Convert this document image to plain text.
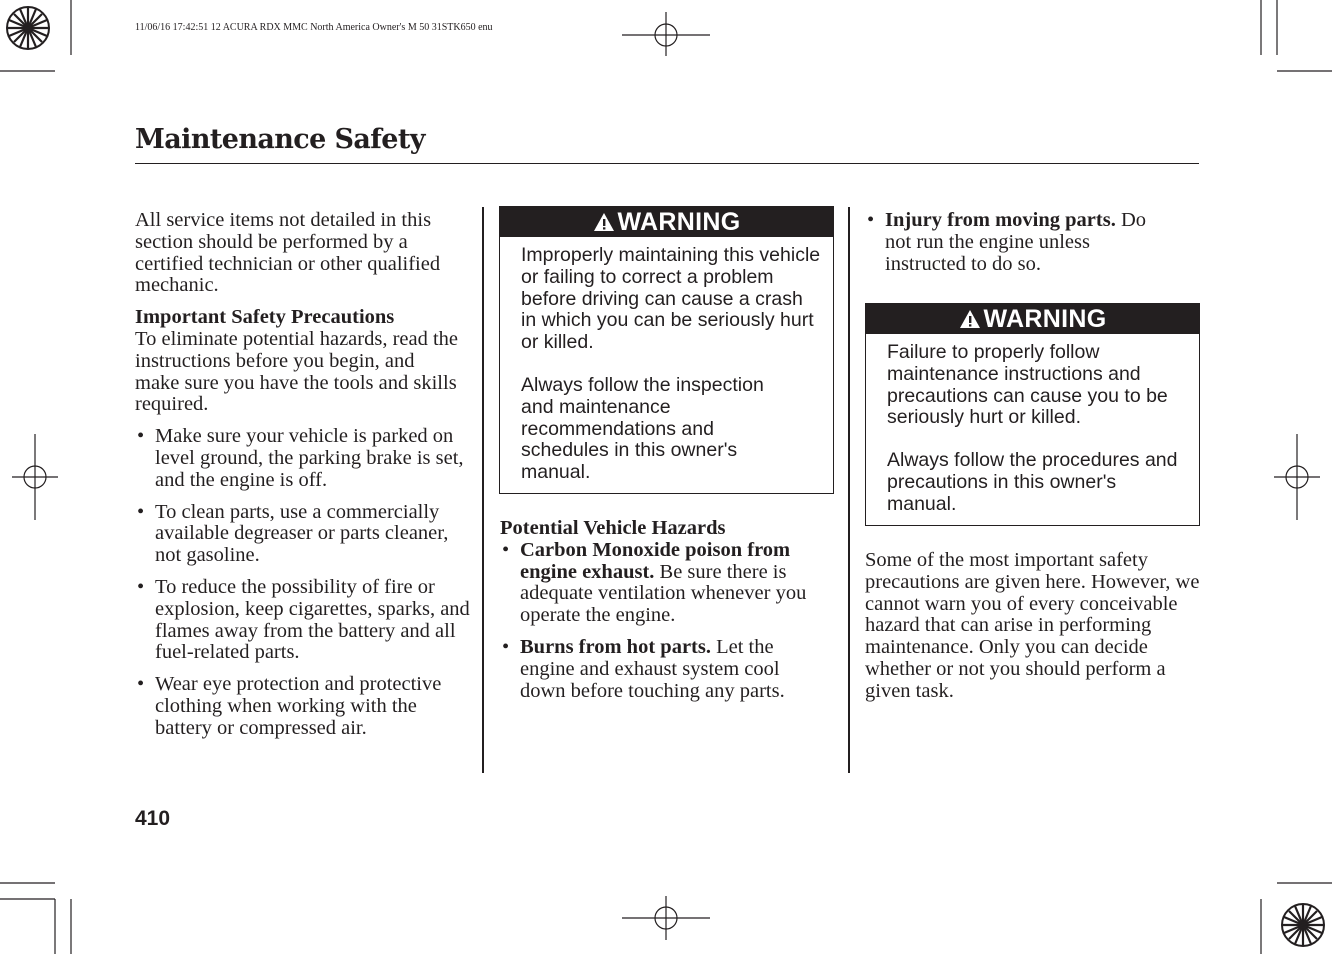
11/06/16 17:42:51 12 ACURA RDX MMC North America Owner's M 50 31STK650 enu
Maintenance Safety

All service items not detailed in this section should be performed by a certified technician or other qualified mechanic.

Important Safety Precautions

To eliminate potential hazards, read the instructions before you begin, and make sure you have the tools and skills required.

• Make sure your vehicle is parked on level ground, the parking brake is set, and the engine is off.
• To clean parts, use a commercially available degreaser or parts cleaner, not gasoline.
• To reduce the possibility of fire or explosion, keep cigarettes, sparks, and flames away from the battery and all fuel-related parts.
• Wear eye protection and protective clothing when working with the battery or compressed air.
WARNING

Improperly maintaining this vehicle or failing to correct a problem before driving can cause a crash in which you can be seriously hurt or killed.

Always follow the inspection and maintenance recommendations and schedules in this owner's manual.

Potential Vehicle Hazards

• Carbon Monoxide poison from engine exhaust. Be sure there is adequate ventilation whenever you operate the engine.
• Burns from hot parts. Let the engine and exhaust system cool down before touching any parts.
• Injury from moving parts. Do not run the engine unless instructed to do so.
WARNING

Failure to properly follow maintenance instructions and precautions can cause you to be seriously hurt or killed.

Always follow the procedures and precautions in this owner's manual.

Some of the most important safety precautions are given here. However, we cannot warn you of every conceivable hazard that can arise in performing maintenance. Only you can decide whether or not you should perform a given task.

410
